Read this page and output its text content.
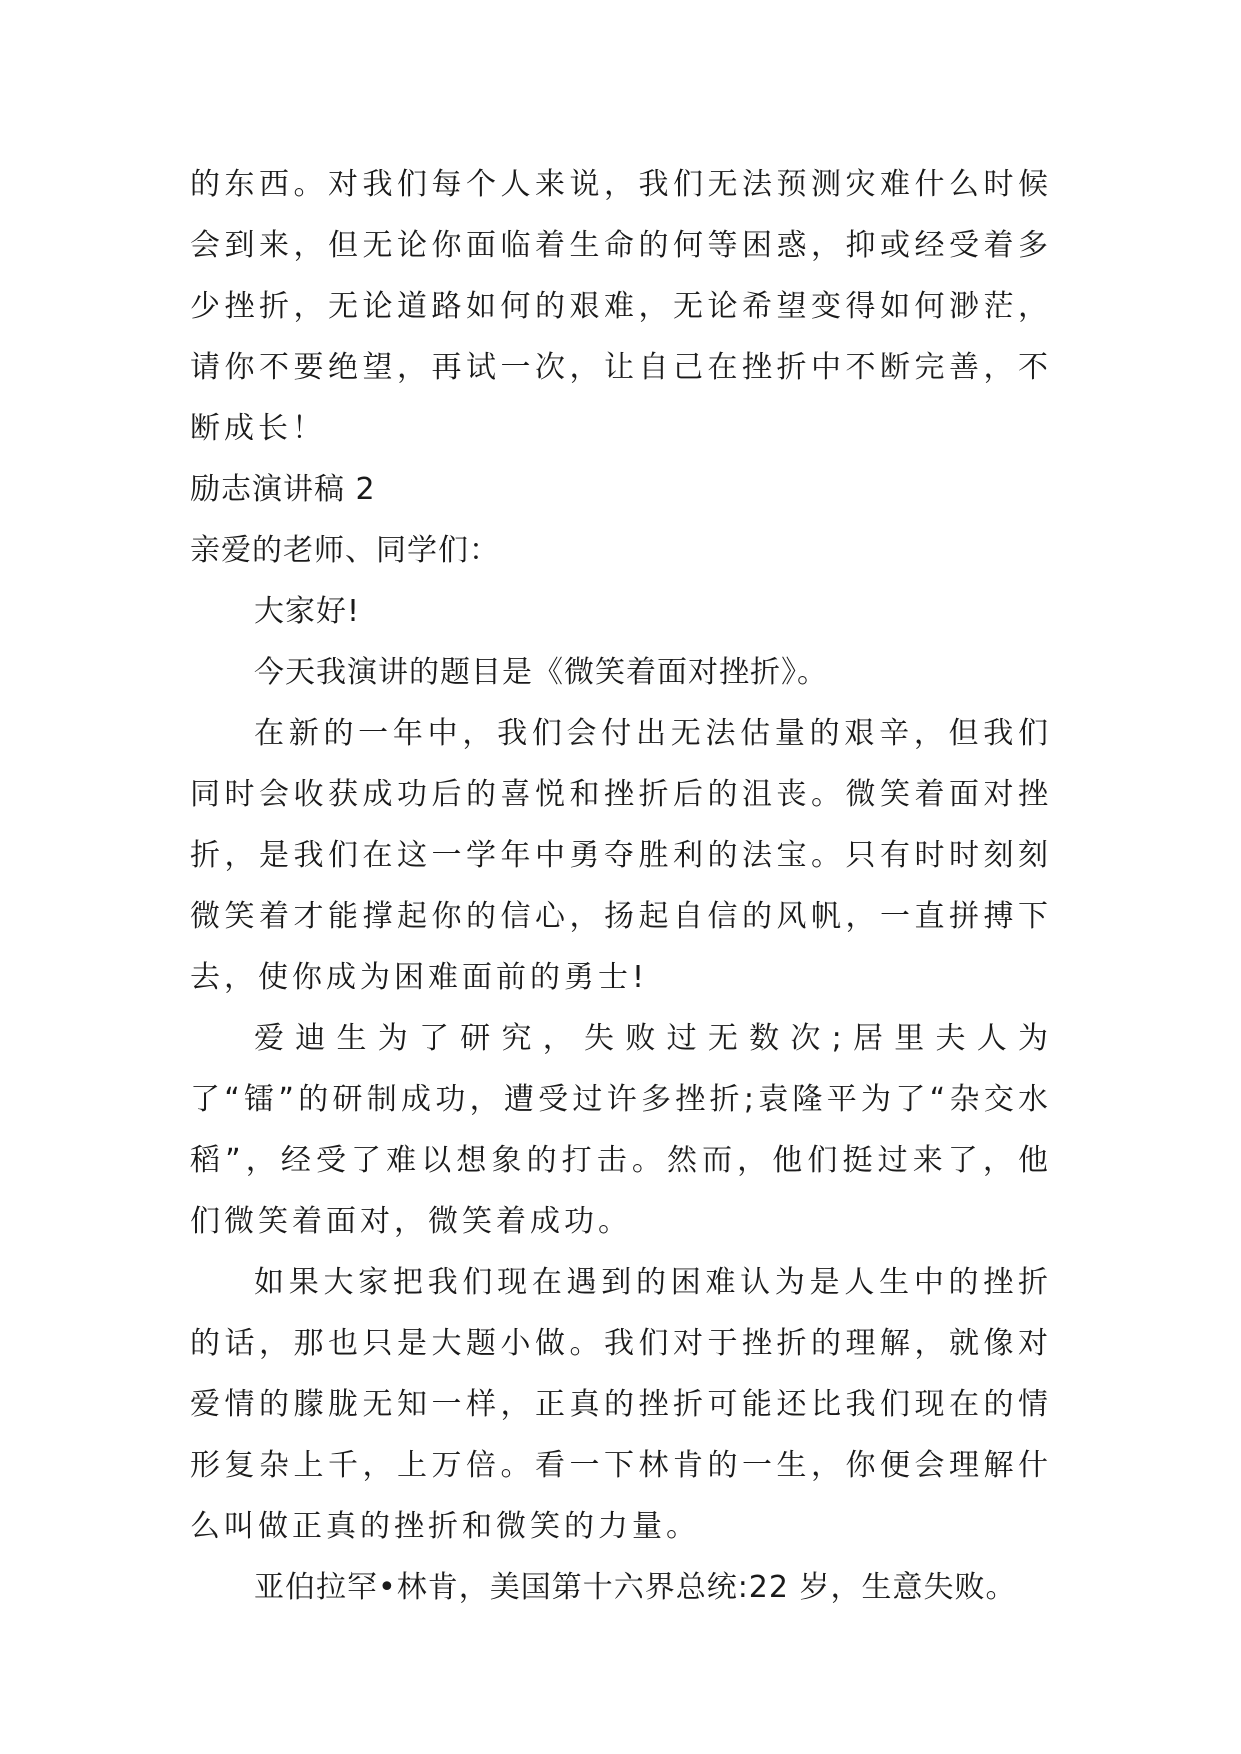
的东西。对我们每个人来说，我们无法预测灾难什么时候会到来，但无论你面临着生命的何等困惑，抑或经受着多少挫折，无论道路如何的艰难，无论希望变得如何渺茫，请你不要绝望，再试一次，让自己在挫折中不断完善，不断成长！

励志演讲稿 2

亲爱的老师、同学们：

大家好!

今天我演讲的题目是《微笑着面对挫折》。

在新的一年中，我们会付出无法估量的艰辛，但我们同时会收获成功后的喜悦和挫折后的沮丧。微笑着面对挫折，是我们在这一学年中勇夺胜利的法宝。只有时时刻刻微笑着才能撑起你的信心，扬起自信的风帆，一直拼搏下去，使你成为困难面前的勇士!

爱迪生为了研究，失败过无数次;居里夫人为了“镭”的研制成功，遭受过许多挫折;袁隆平为了“杂交水稻”，经受了难以想象的打击。然而，他们挺过来了，他们微笑着面对，微笑着成功。

如果大家把我们现在遇到的困难认为是人生中的挫折的话，那也只是大题小做。我们对于挫折的理解，就像对爱情的朦胧无知一样，正真的挫折可能还比我们现在的情形复杂上千，上万倍。看一下林肯的一生，你便会理解什么叫做正真的挫折和微笑的力量。

亚伯拉罕•林肯，美国第十六界总统:22 岁，生意失败。
